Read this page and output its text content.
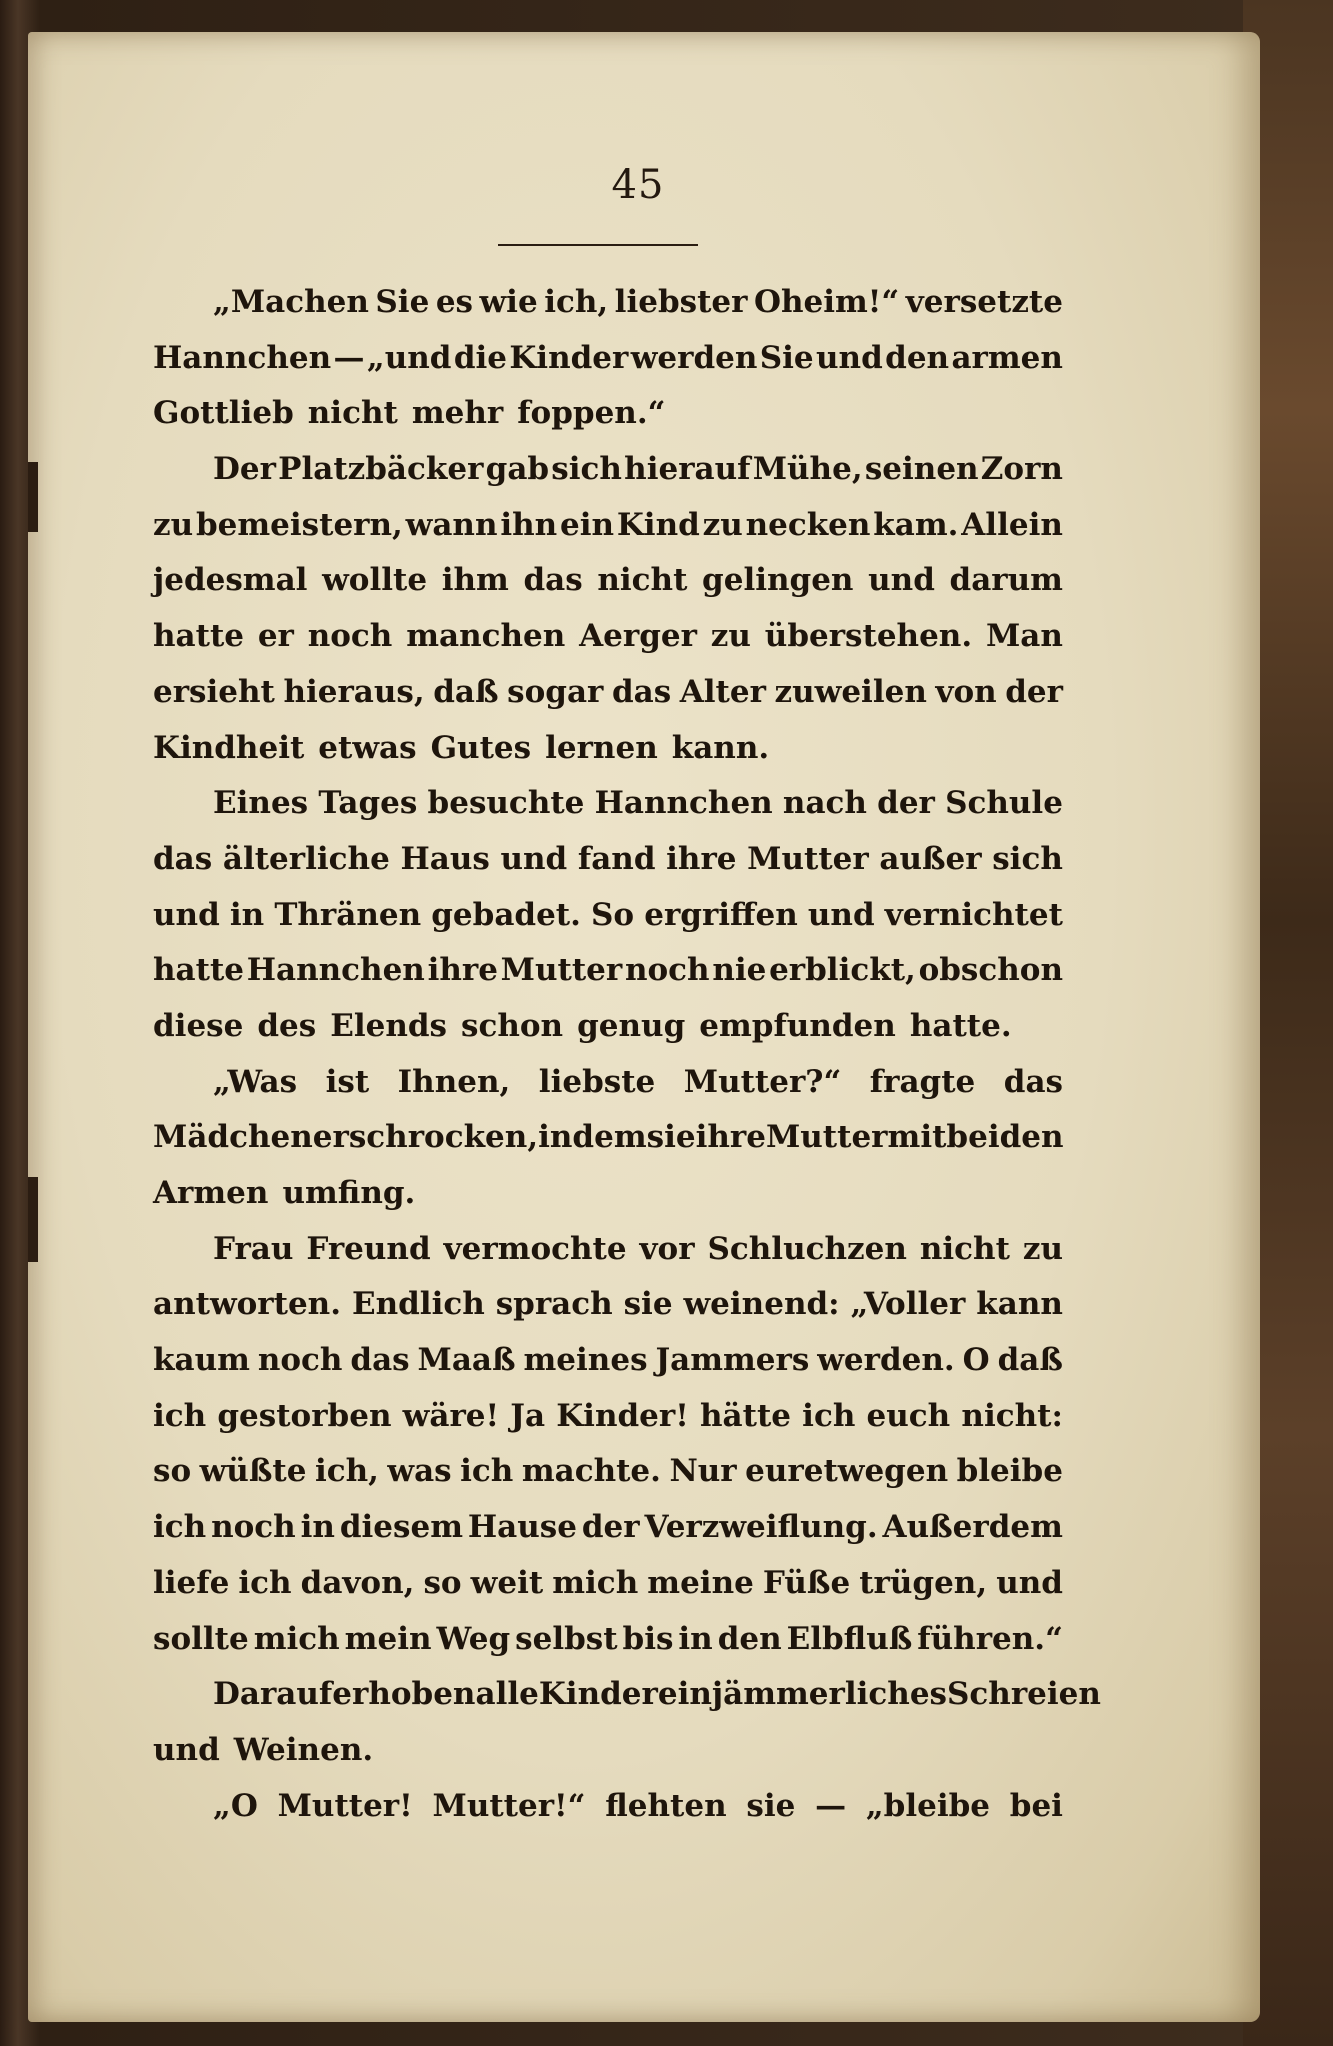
45
„Machen Sie es wie ich, liebster Oheim!“ versetzte
Hannchen — „und die Kinder werden Sie und den armen
Gottlieb nicht mehr foppen.“
Der Platzbäcker gab sich hierauf Mühe, seinen Zorn
zu bemeistern, wann ihn ein Kind zu necken kam. Allein
jedesmal wollte ihm das nicht gelingen und darum
hatte er noch manchen Aerger zu überstehen. Man
ersieht hieraus, daß sogar das Alter zuweilen von der
Kindheit etwas Gutes lernen kann.
Eines Tages besuchte Hannchen nach der Schule
das älterliche Haus und fand ihre Mutter außer sich
und in Thränen gebadet. So ergriffen und vernichtet
hatte Hannchen ihre Mutter noch nie erblickt, obschon
diese des Elends schon genug empfunden hatte.
„Was ist Ihnen, liebste Mutter?“ fragte das
Mädchen erschrocken, indem sie ihre Mutter mit beiden
Armen umfing.
Frau Freund vermochte vor Schluchzen nicht zu
antworten. Endlich sprach sie weinend: „Voller kann
kaum noch das Maaß meines Jammers werden. O daß
ich gestorben wäre! Ja Kinder! hätte ich euch nicht:
so wüßte ich, was ich machte. Nur euretwegen bleibe
ich noch in diesem Hause der Verzweiflung. Außerdem
liefe ich davon, so weit mich meine Füße trügen, und
sollte mich mein Weg selbst bis in den Elbfluß führen.“
Darauf erhoben alle Kinder ein jämmerliches Schreien
und Weinen.
„O Mutter! Mutter!“ flehten sie — „bleibe bei
